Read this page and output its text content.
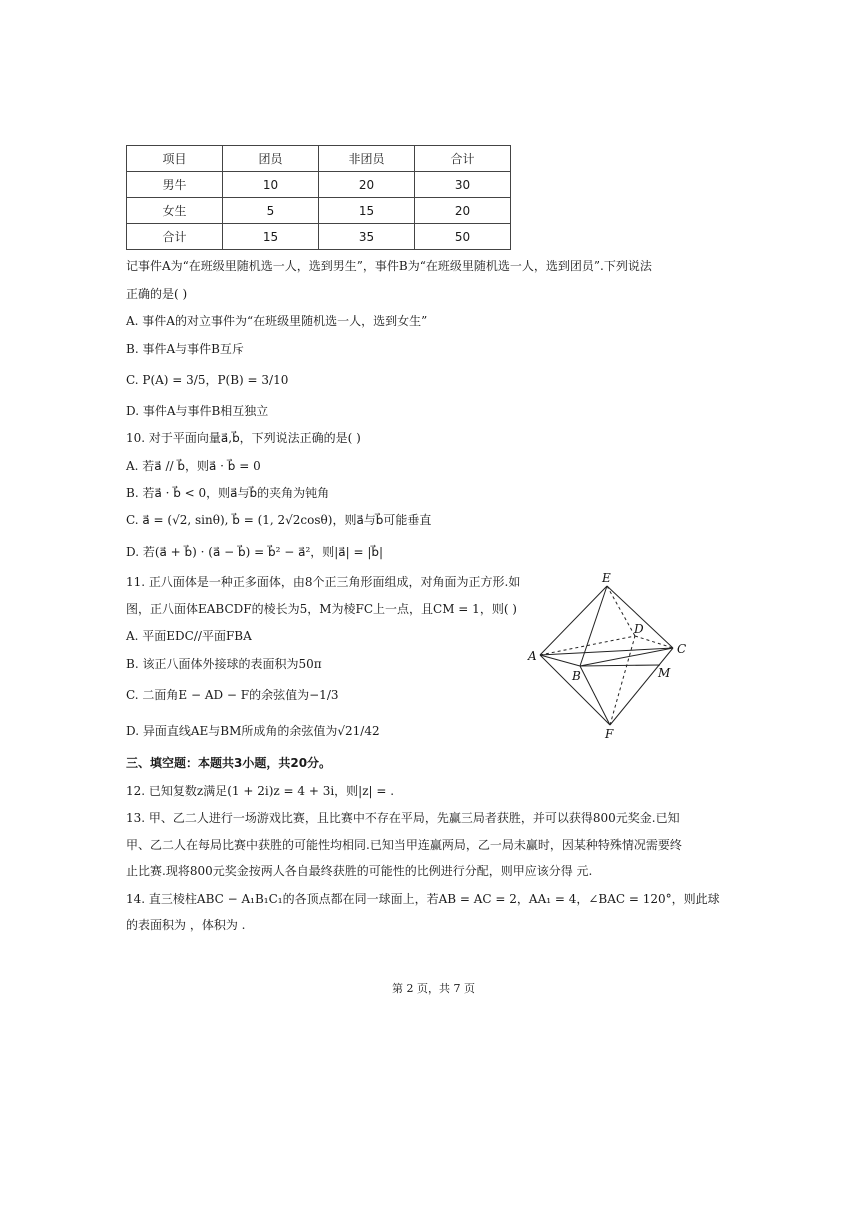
项目	团员	非团员	合计
男牛	10	20	30
女生	5	15	20
合计	15	35	50
记事件A为“在班级里随机选一人，选到男生”，事件B为“在班级里随机选一人，选到团员”.下列说法
正确的是( )
A. 事件A的对立事件为“在班级里随机选一人，选到女生”
B. 事件A与事件B互斥
C. P(A) = 3/5，P(B) = 3/10
D. 事件A与事件B相互独立
10. 对于平面向量a⃗,b⃗，下列说法正确的是( )
A. 若a⃗ // b⃗，则a⃗ · b⃗ = 0
B. 若a⃗ · b⃗ < 0，则a⃗与b⃗的夹角为钝角
C. a⃗ = (√2, sinθ), b⃗ = (1, 2√2cosθ)，则a⃗与b⃗可能垂直
D. 若(a⃗ + b⃗) · (a⃗ − b⃗) = b⃗² − a⃗²，则|a⃗| = |b⃗|
11. 正八面体是一种正多面体，由8个正三角形面组成，对角面为正方形.如
图，正八面体EABCDF的棱长为5，M为棱FC上一点，且CM = 1，则( )
A. 平面EDC//平面FBA
B. 该正八面体外接球的表面积为50π
C. 二面角E − AD − F的余弦值为−1/3
D. 异面直线AE与BM所成角的余弦值为√21/42
E
A
B
C
D
M
F
三、填空题：本题共3小题，共20分。
12. 已知复数z满足(1 + 2i)z = 4 + 3i，则|z| = .
13. 甲、乙二人进行一场游戏比赛，且比赛中不存在平局，先赢三局者获胜，并可以获得800元奖金.已知
甲、乙二人在每局比赛中获胜的可能性均相同.已知当甲连赢两局，乙一局未赢时，因某种特殊情况需要终
止比赛.现将800元奖金按两人各自最终获胜的可能性的比例进行分配，则甲应该分得 元.
14. 直三棱柱ABC − A₁B₁C₁的各顶点都在同一球面上，若AB = AC = 2，AA₁ = 4，∠BAC = 120°，则此球
的表面积为 ，体积为 .
第 2 页，共 7 页
